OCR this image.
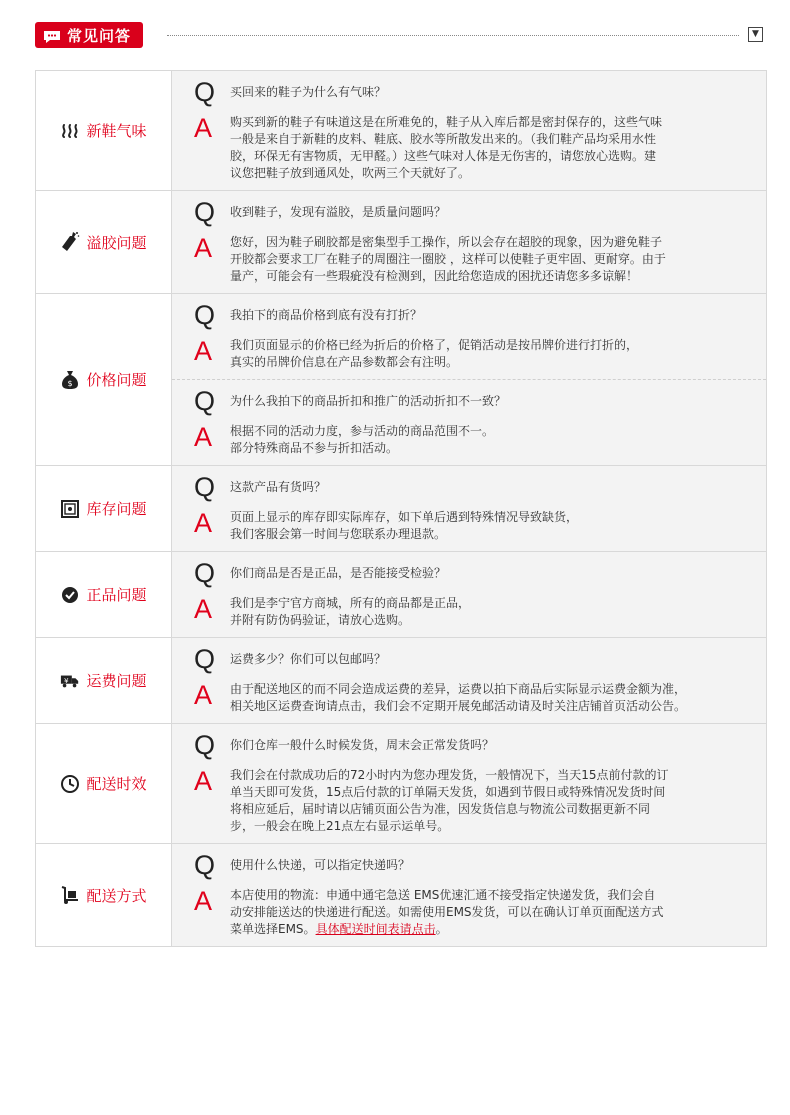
常见问答	▼
新鞋气味
Q	买回来的鞋子为什么有气味？
A	购买到新的鞋子有味道这是在所难免的，鞋子从入库后都是密封保存的，这些气味
一般是来自于新鞋的皮料、鞋底、胶水等所散发出来的。（我们鞋产品均采用水性
胶，环保无有害物质，无甲醛。）这些气味对人体是无伤害的，请您放心选购。建
议您把鞋子放到通风处，吹两三个天就好了。
溢胶问题
Q	收到鞋子，发现有溢胶，是质量问题吗？
A	您好，因为鞋子刷胶都是密集型手工操作，所以会存在超胶的现象，因为避免鞋子
开胶都会要求工厂在鞋子的周圈注一圈胶 ，这样可以使鞋子更牢固、更耐穿。由于
量产，可能会有一些瑕疵没有检测到，因此给您造成的困扰还请您多多谅解！
$ 价格问题
Q	我拍下的商品价格到底有没有打折？
A	我们页面显示的价格已经为折后的价格了，促销活动是按吊牌价进行打折的，
真实的吊牌价信息在产品参数都会有注明。
Q	为什么我拍下的商品折扣和推广的活动折扣不一致？
A	根据不同的活动力度，参与活动的商品范围不一。
部分特殊商品不参与折扣活动。
库存问题
Q	这款产品有货吗？
A	页面上显示的库存即实际库存，如下单后遇到特殊情况导致缺货，
我们客服会第一时间与您联系办理退款。
正品问题
Q	你们商品是否是正品，是否能接受检验？
A	我们是李宁官方商城，所有的商品都是正品，
并附有防伪码验证，请放心选购。
¥ 运费问题
Q	运费多少？你们可以包邮吗？
A	由于配送地区的而不同会造成运费的差异，运费以拍下商品后实际显示运费金额为准，
相关地区运费查询请点击，我们会不定期开展免邮活动请及时关注店铺首页活动公告。
配送时效
Q	你们仓库一般什么时候发货，周末会正常发货吗？
A	我们会在付款成功后的72小时内为您办理发货，一般情况下，当天15点前付款的订
单当天即可发货，15点后付款的订单隔天发货，如遇到节假日或特殊情况发货时间
将相应延后，届时请以店铺页面公告为准，因发货信息与物流公司数据更新不同
步，一般会在晚上21点左右显示运单号。
配送方式
Q	使用什么快递，可以指定快递吗？
A	本店使用的物流：申通中通宅急送 EMS优速汇通不接受指定快递发货，我们会自
动安排能送达的快递进行配送。如需使用EMS发货，可以在确认订单页面配送方式
菜单选择EMS。具体配送时间表请点击。
